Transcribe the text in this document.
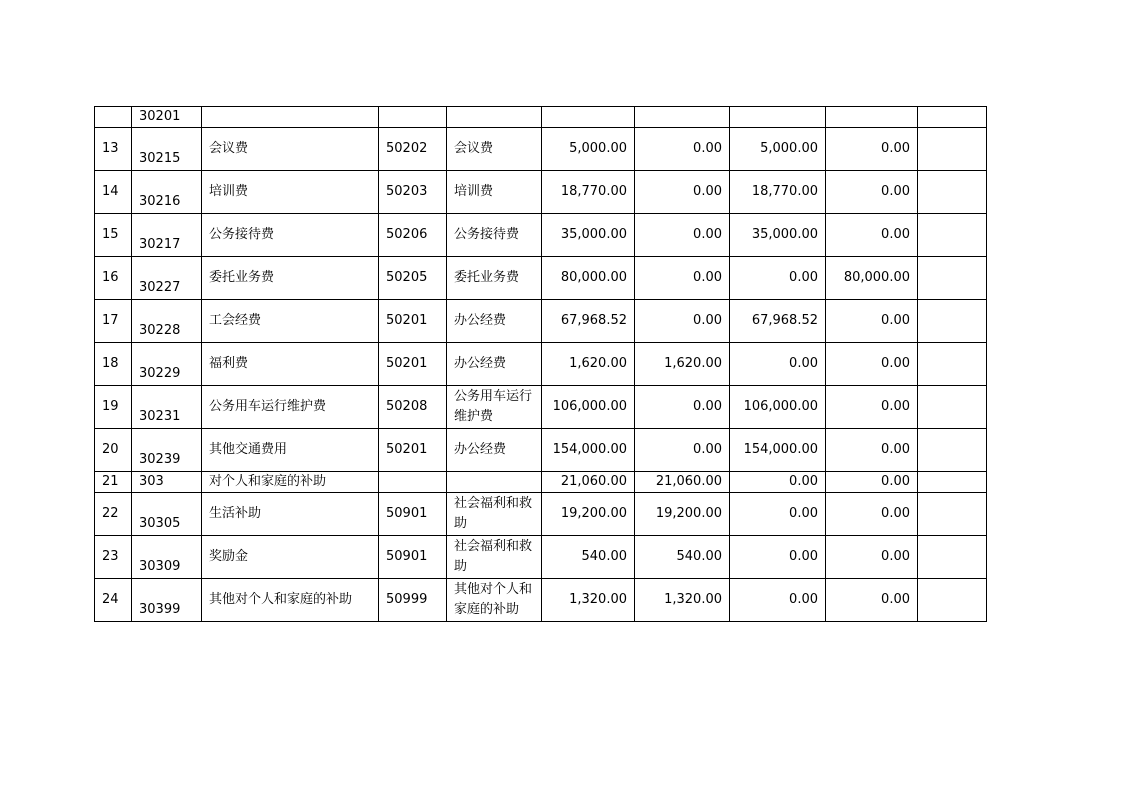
	30201								
13	30215	会议费	50202	会议费	5,000.00	0.00	5,000.00	0.00	
14	30216	培训费	50203	培训费	18,770.00	0.00	18,770.00	0.00	
15	30217	公务接待费	50206	公务接待费	35,000.00	0.00	35,000.00	0.00	
16	30227	委托业务费	50205	委托业务费	80,000.00	0.00	0.00	80,000.00	
17	30228	工会经费	50201	办公经费	67,968.52	0.00	67,968.52	0.00	
18	30229	福利费	50201	办公经费	1,620.00	1,620.00	0.00	0.00	
19	30231	公务用车运行维护费	50208	公务用车运行维护费	106,000.00	0.00	106,000.00	0.00	
20	30239	其他交通费用	50201	办公经费	154,000.00	0.00	154,000.00	0.00	
21	303	对个人和家庭的补助			21,060.00	21,060.00	0.00	0.00	
22	30305	生活补助	50901	社会福利和救助	19,200.00	19,200.00	0.00	0.00	
23	30309	奖励金	50901	社会福利和救助	540.00	540.00	0.00	0.00	
24	30399	其他对个人和家庭的补助	50999	其他对个人和家庭的补助	1,320.00	1,320.00	0.00	0.00	
